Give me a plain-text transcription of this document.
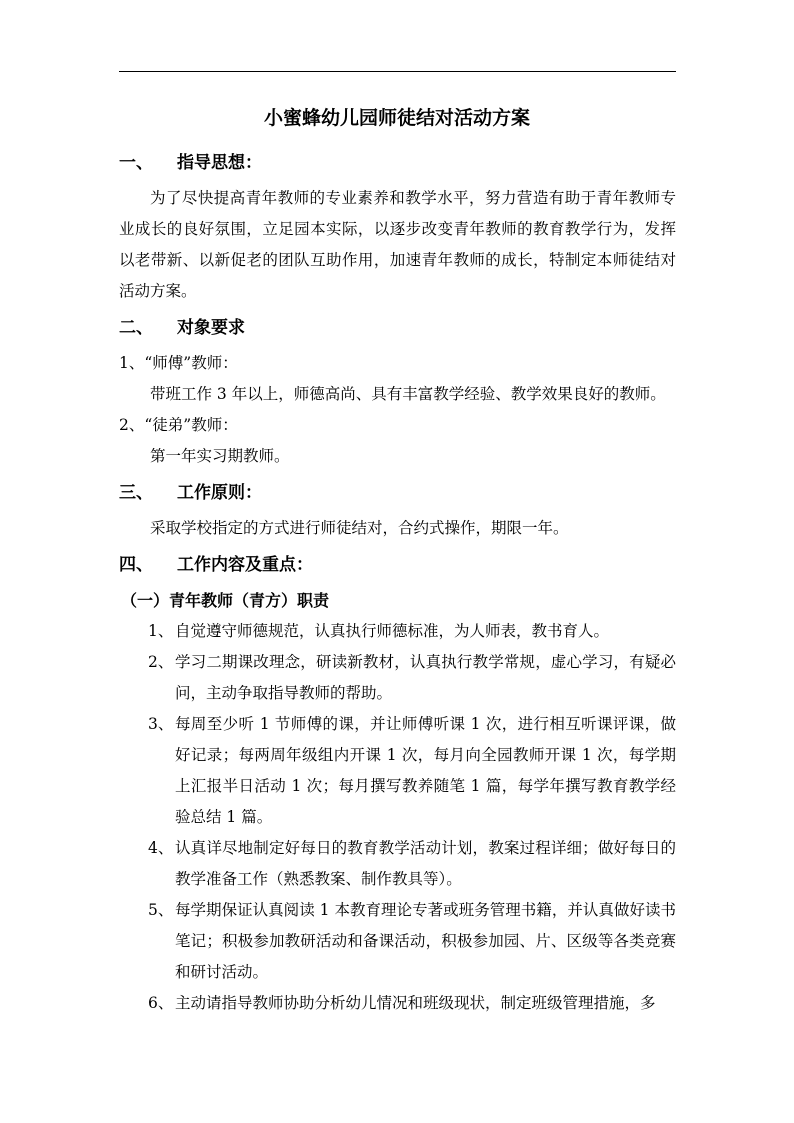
小蜜蜂幼儿园师徒结对活动方案
一、 指导思想：

为了尽快提高青年教师的专业素养和教学水平，努力营造有助于青年教师专业成长的良好氛围，立足园本实际，以逐步改变青年教师的教育教学行为，发挥以老带新、以新促老的团队互助作用，加速青年教师的成长，特制定本师徒结对活动方案。

二、 对象要求

1、“师傅”教师：

带班工作 3 年以上，师德高尚、具有丰富教学经验、教学效果良好的教师。

2、“徒弟”教师：

第一年实习期教师。

三、 工作原则：

采取学校指定的方式进行师徒结对，合约式操作，期限一年。

四、 工作内容及重点：
（一）青年教师（青方）职责
1、 自觉遵守师德规范，认真执行师德标准，为人师表，教书育人。
2、 学习二期课改理念，研读新教材，认真执行教学常规，虚心学习，有疑必问，主动争取指导教师的帮助。
3、 每周至少听 1 节师傅的课，并让师傅听课 1 次，进行相互听课评课，做好记录；每两周年级组内开课 1 次，每月向全园教师开课 1 次，每学期上汇报半日活动 1 次；每月撰写教养随笔 1 篇，每学年撰写教育教学经验总结 1 篇。
4、 认真详尽地制定好每日的教育教学活动计划，教案过程详细；做好每日的教学准备工作（熟悉教案、制作教具等）。
5、 每学期保证认真阅读 1 本教育理论专著或班务管理书籍，并认真做好读书笔记；积极参加教研活动和备课活动，积极参加园、片、区级等各类竞赛和研讨活动。
6、 主动请指导教师协助分析幼儿情况和班级现状，制定班级管理措施，多
